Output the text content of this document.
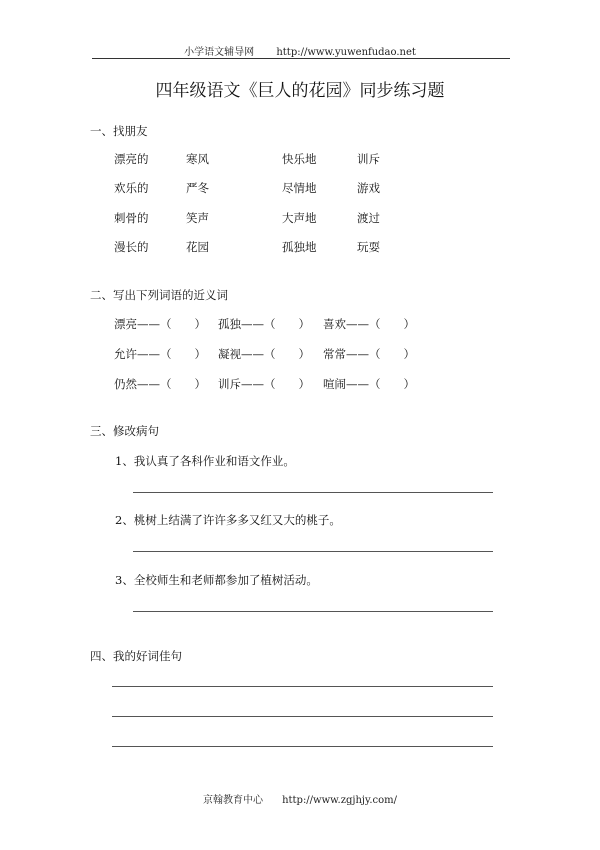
小学语文辅导网 http://www.yuwenfudao.net
四年级语文《巨人的花园》同步练习题
一、找朋友
漂亮的	寒风	快乐地	训斥
欢乐的	严冬	尽情地	游戏
刺骨的	笑声	大声地	渡过
漫长的	花园	孤独地	玩耍
二、写出下列词语的近义词
漂亮——（　　） 孤独——（　　） 喜欢——（　　）
允许——（　　） 凝视——（　　） 常常——（　　）
仍然——（　　） 训斥——（　　） 喧闹——（　　）
三、修改病句
1、我认真了各科作业和语文作业。
2、桃树上结满了许许多多又红又大的桃子。
3、全校师生和老师都参加了植树活动。
四、我的好词佳句
京翰教育中心 http://www.zgjhjy.com/
